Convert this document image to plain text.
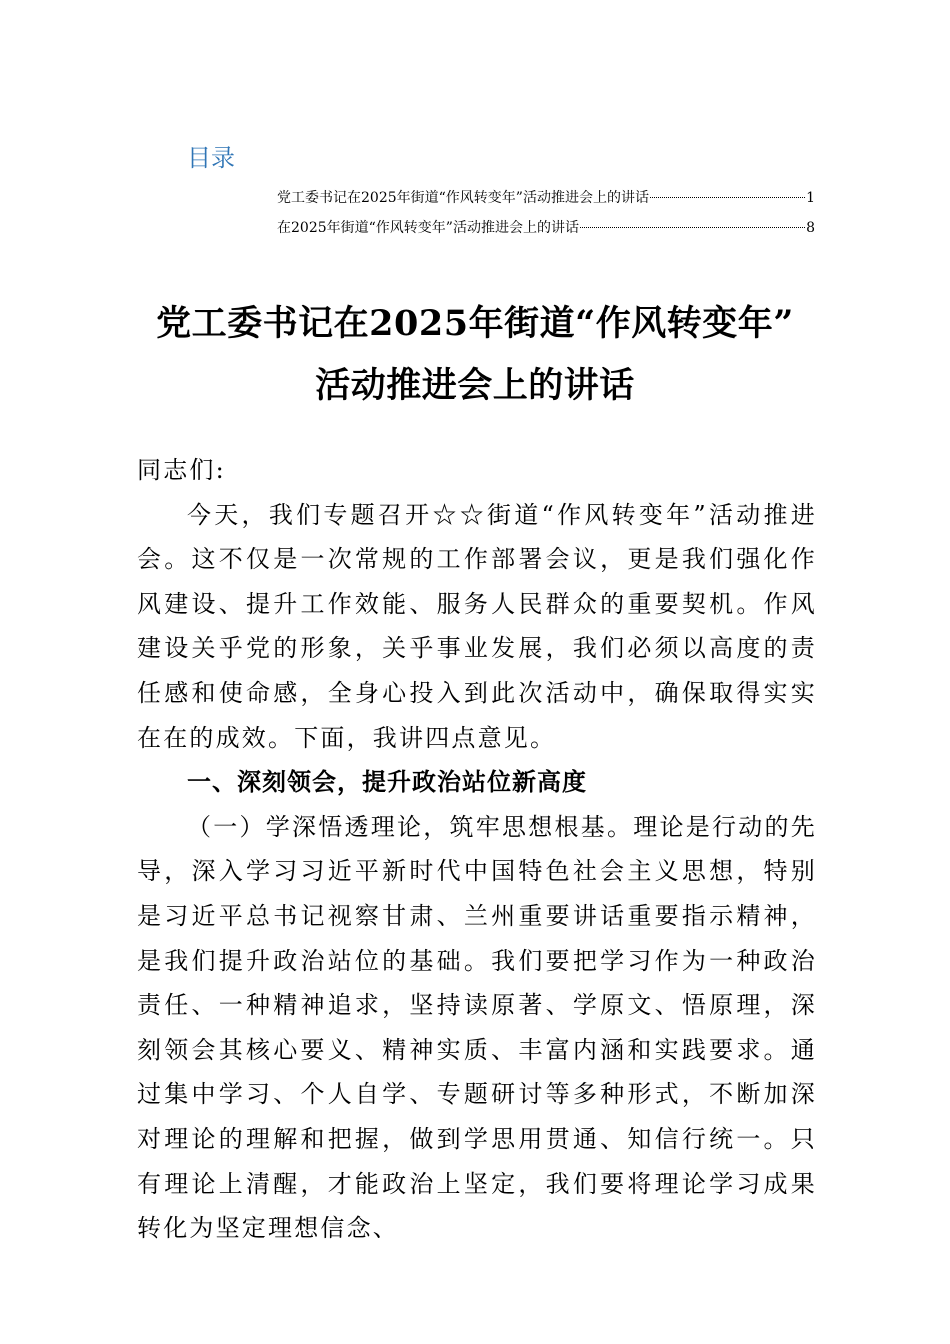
目录
党工委书记在2025年街道“作风转变年”活动推进会上的讲话	1
在2025年街道“作风转变年”活动推进会上的讲话	8
党工委书记在2025年街道“作风转变年”
活动推进会上的讲话

同志们:

今天，我们专题召开☆☆街道“作风转变年”活动推进会。这不仅是一次常规的工作部署会议，更是我们强化作风建设、提升工作效能、服务人民群众的重要契机。作风建设关乎党的形象，关乎事业发展，我们必须以高度的责任感和使命感，全身心投入到此次活动中，确保取得实实在在的成效。下面，我讲四点意见。

一、深刻领会，提升政治站位新高度

（一）学深悟透理论，筑牢思想根基。理论是行动的先导，深入学习习近平新时代中国特色社会主义思想，特别是习近平总书记视察甘肃、兰州重要讲话重要指示精神，是我们提升政治站位的基础。我们要把学习作为一种政治责任、一种精神追求，坚持读原著、学原文、悟原理，深刻领会其核心要义、精神实质、丰富内涵和实践要求。通过集中学习、个人自学、专题研讨等多种形式，不断加深对理论的理解和把握，做到学思用贯通、知信行统一。只有理论上清醒，才能政治上坚定，我们要将理论学习成果转化为坚定理想信念、
